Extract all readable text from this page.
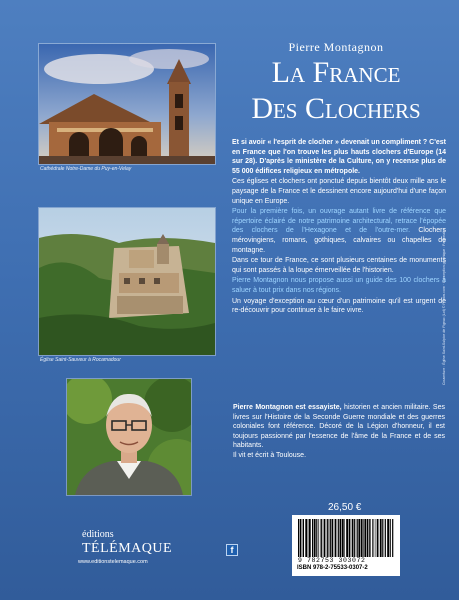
Cathédrale Notre-Dame du Puy-en-Velay
Église Saint-Sauveur à Rocamadour
Pierre Montagnon
La France
Des Clochers

Et si avoir « l'esprit de clocher » devenait un compliment ? C'est en France que l'on trouve les plus hauts clochers d'Europe (14 sur 28). D'après le ministère de la Culture, on y recense plus de 55 000 édifices religieux en métropole.

Ces églises et clochers ont ponctué depuis bientôt deux mille ans le paysage de la France et le dessinent encore aujourd'hui d'une façon unique en Europe.

Pour la première fois, un ouvrage autant livre de référence que répertoire éclairé de notre patrimoine architectural, retrace l'épopée des clochers de l'Hexagone et de l'outre-mer. Clochers mérovingiens, romans, gothiques, calvaires ou chapelles de montagne.

Dans ce tour de France, ce sont plusieurs centaines de monuments qui sont passés à la loupe émerveillée de l'historien.

Pierre Montagnon nous propose aussi un guide des 100 clochers à saluer à tout prix dans nos régions.

Un voyage d'exception au cœur d'un patrimoine qu'il est urgent de re-découvrir pour continuer à le faire vivre.

Pierre Montagnon est essayiste, historien et ancien militaire. Ses livres sur l'Histoire de la Seconde Guerre mondiale et des guerres coloniales font référence. Décoré de la Légion d'honneur, il est toujours passionné par l'essence de l'âme de la France et de ses habitants.

Il vit et écrit à Toulouse.

26,50 €
9 782753 303072
ISBN 978-2-75533-0307-2
éditions
TÉLÉMAQUE
www.editionstelemaque.com
f
Couverture : Église Saint-Sulpice de Figeac (Lot) © Photos.com · Conception graphique : Pagemaker
